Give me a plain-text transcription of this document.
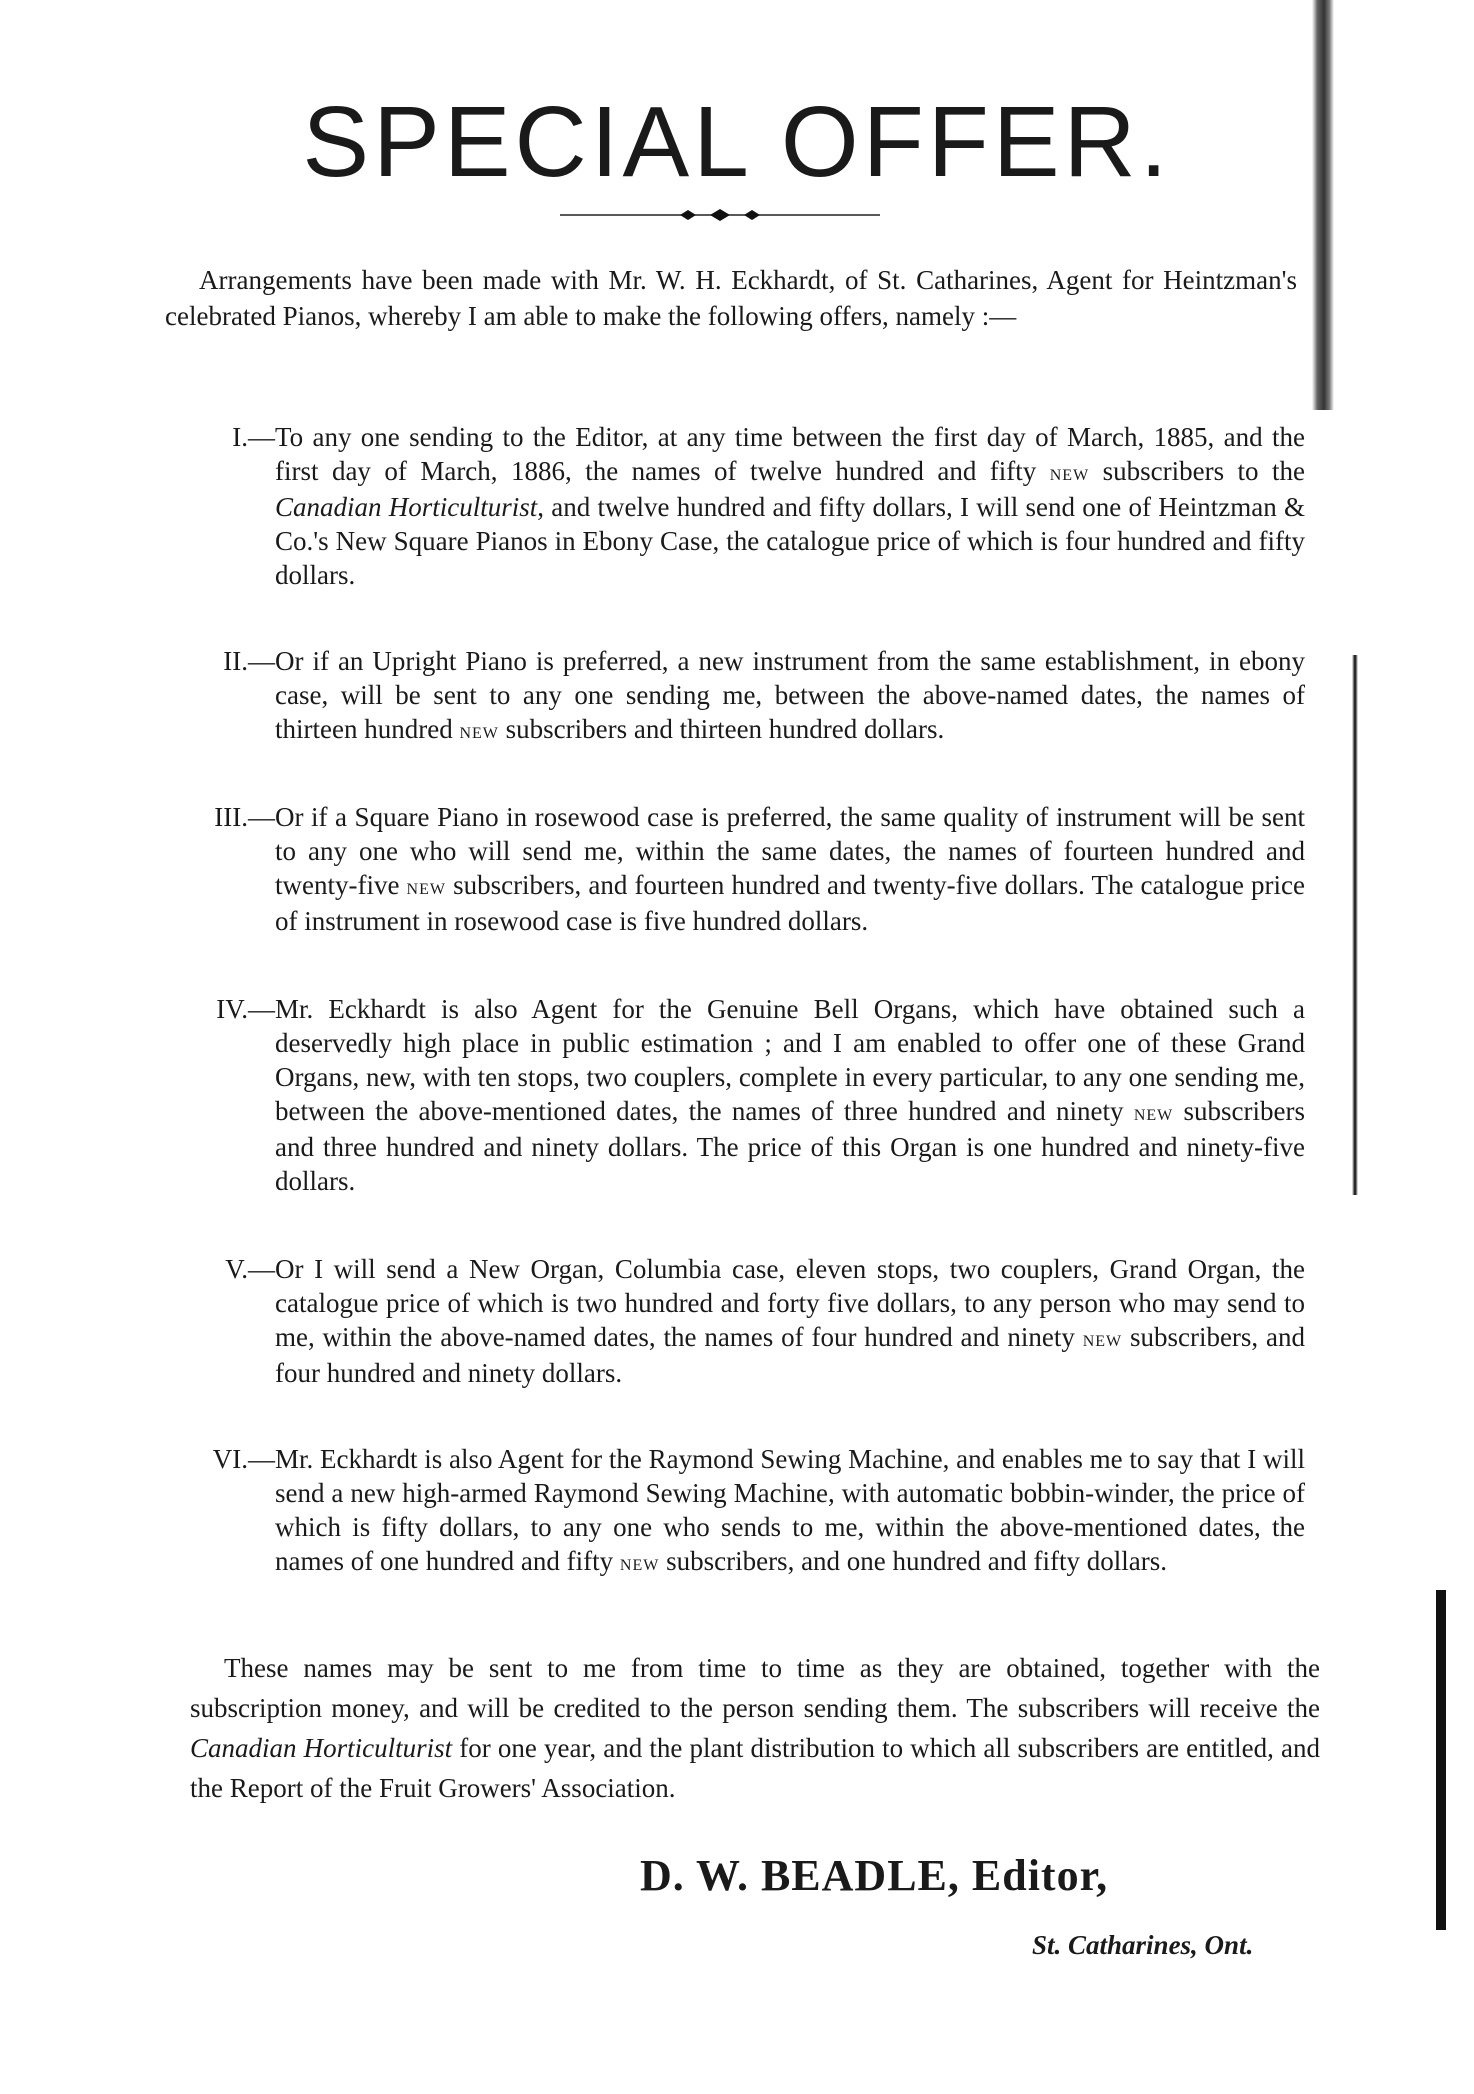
SPECIAL OFFER.

Arrangements have been made with Mr. W. H. Eckhardt, of St. Catharines, Agent for Heintzman's celebrated Pianos, whereby I am able to make the following offers, namely :—

I.— To any one sending to the Editor, at any time between the first day of March, 1885, and the first day of March, 1886, the names of twelve hundred and fifty new subscribers to the Canadian Horticulturist, and twelve hundred and fifty dollars, I will send one of Heintzman & Co.'s New Square Pianos in Ebony Case, the catalogue price of which is four hundred and fifty dollars.
II.— Or if an Upright Piano is preferred, a new instrument from the same establishment, in ebony case, will be sent to any one sending me, between the above-named dates, the names of thirteen hundred new subscribers and thirteen hundred dollars.
III.— Or if a Square Piano in rosewood case is preferred, the same quality of instrument will be sent to any one who will send me, within the same dates, the names of fourteen hundred and twenty-five new subscribers, and fourteen hundred and twenty-five dollars. The catalogue price of instrument in rosewood case is five hundred dollars.
IV.— Mr. Eckhardt is also Agent for the Genuine Bell Organs, which have obtained such a deservedly high place in public estimation ; and I am enabled to offer one of these Grand Organs, new, with ten stops, two couplers, complete in every particular, to any one sending me, between the above-mentioned dates, the names of three hundred and ninety new subscribers and three hundred and ninety dollars. The price of this Organ is one hundred and ninety-five dollars.
V.— Or I will send a New Organ, Columbia case, eleven stops, two couplers, Grand Organ, the catalogue price of which is two hundred and forty five dollars, to any person who may send to me, within the above-named dates, the names of four hundred and ninety new subscribers, and four hundred and ninety dollars.
VI.— Mr. Eckhardt is also Agent for the Raymond Sewing Machine, and enables me to say that I will send a new high-armed Raymond Sewing Machine, with automatic bobbin-winder, the price of which is fifty dollars, to any one who sends to me, within the above-mentioned dates, the names of one hundred and fifty new subscribers, and one hundred and fifty dollars.

These names may be sent to me from time to time as they are obtained, together with the subscription money, and will be credited to the person sending them. The subscribers will receive the Canadian Horticulturist for one year, and the plant distribution to which all subscribers are entitled, and the Report of the Fruit Growers' Association.

D. W. BEADLE, Editor,
St. Catharines, Ont.
